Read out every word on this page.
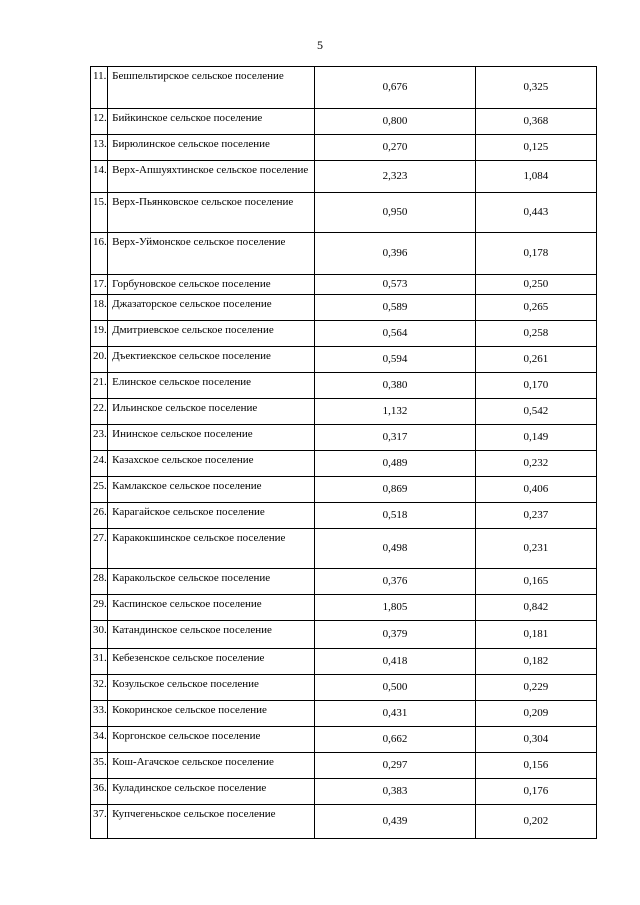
5
11.	Бешпельтирское сельское поселение	0,676	0,325
12.	Бийкинское сельское поселение	0,800	0,368
13.	Бирюлинское сельское поселение	0,270	0,125
14.	Верх-Апшуяхтинское сельское поселение	2,323	1,084
15.	Верх-Пьянковское сельское поселение	0,950	0,443
16.	Верх-Уймонское сельское поселение	0,396	0,178
17.	Горбуновское сельское поселение	0,573	0,250
18.	Джазаторское сельское поселение	0,589	0,265
19.	Дмитриевское сельское поселение	0,564	0,258
20.	Дъектиекское сельское поселение	0,594	0,261
21.	Елинское сельское поселение	0,380	0,170
22.	Ильинское сельское поселение	1,132	0,542
23.	Ининское сельское поселение	0,317	0,149
24.	Казахское сельское поселение	0,489	0,232
25.	Камлакское сельское поселение	0,869	0,406
26.	Карагайское сельское поселение	0,518	0,237
27.	Каракокшинское сельское поселение	0,498	0,231
28.	Каракольское сельское поселение	0,376	0,165
29.	Каспинское сельское поселение	1,805	0,842
30.	Катандинское сельское поселение	0,379	0,181
31.	Кебезенское сельское поселение	0,418	0,182
32.	Козульское сельское поселение	0,500	0,229
33.	Кокоринское сельское поселение	0,431	0,209
34.	Коргонское сельское поселение	0,662	0,304
35.	Кош-Агачское сельское поселение	0,297	0,156
36.	Куладинское сельское поселение	0,383	0,176
37.	Купчегеньское сельское поселение	0,439	0,202
